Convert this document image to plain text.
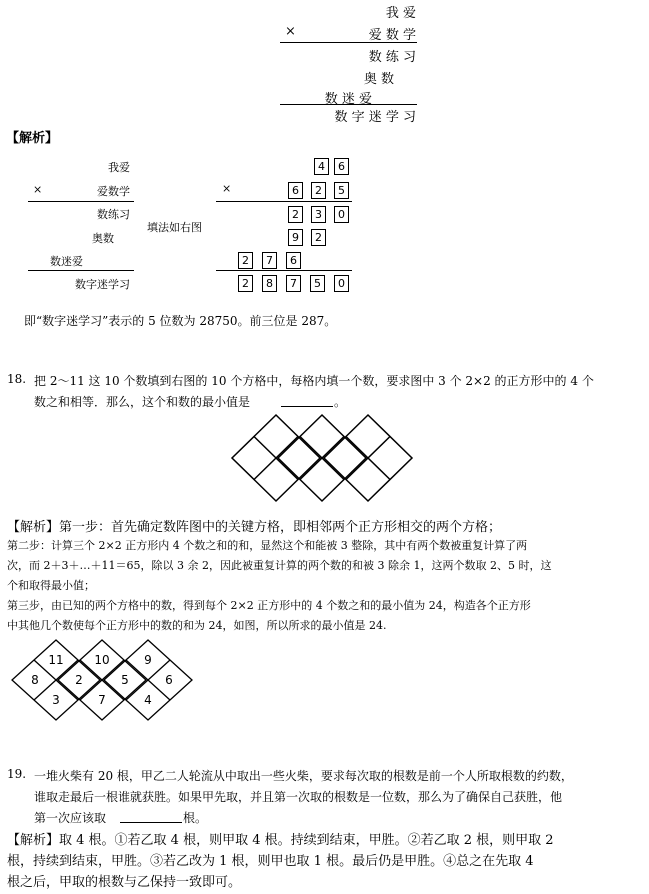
我 爱
×	爱 数 学
数 练 习
奥 数
数 迷 爱
数 字 迷 学 习
【解析】
我爱
×	爱数学
数练习
奥数
数迷爱
数字迷学习
填法如右图
4	6
×	6	2	5
2	3	0
9	2
2	7	6
2	8	7	5	0
即“数字迷学习”表示的 5 位数为 28750。前三位是 287。
18. 把 2～11 这 10 个数填到右图的 10 个方格中，每格内填一个数，要求图中 3 个 2×2 的正方形中的 4 个
数之和相等．那么，这个和数的最小值是	。
【解析】第一步：首先确定数阵图中的关键方格，即相邻两个正方形相交的两个方格；
第二步：计算三个 2×2 正方形内 4 个数之和的和，显然这个和能被 3 整除，其中有两个数被重复计算了两
次，而 2＋3＋…＋11＝65，除以 3 余 2，因此被重复计算的两个数的和被 3 除余 1，这两个数取 2、5 时，这
个和取得最小值；
第三步，由已知的两个方格中的数，得到每个 2×2 正方形中的 4 个数之和的最小值为 24，构造各个正方形
中其他几个数使每个正方形中的数的和为 24，如图，所以所求的最小值是 24.
11	10	9
8	2	5	6
3	7	4
19. 一堆火柴有 20 根，甲乙二人轮流从中取出一些火柴，要求每次取的根数是前一个人所取根数的约数，
谁取走最后一根谁就获胜。如果甲先取，并且第一次取的根数是一位数，那么为了确保自己获胜，他
第一次应该取	根。
【解析】取 4 根。①若乙取 4 根，则甲取 4 根。持续到结束，甲胜。②若乙取 2 根，则甲取 2
根，持续到结束，甲胜。③若乙改为 1 根，则甲也取 1 根。最后仍是甲胜。④总之在先取 4
根之后，甲取的根数与乙保持一致即可。
